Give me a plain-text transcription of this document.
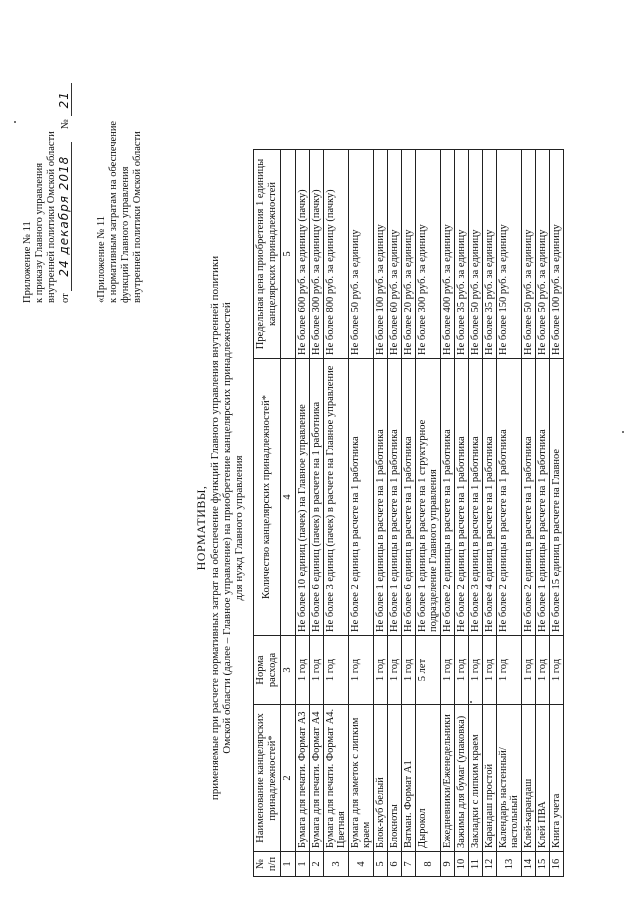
Приложение № 11 к приказу Главного управления внутренней политики Омской области от 24 декабря 2018 № 21
«Приложение № 11 к нормативным затратам на обеспечение функций Главного управления внутренней политики Омской области
НОРМАТИВЫ, применяемые при расчете нормативных затрат на обеспечение функций Главного управления внутренней политики Омской области (далее – Главное управление) на приобретение канцелярских принадлежностей для нужд Главного управления
№ п/п	Наименование канцелярских принадлежностей*	Норма расхода	Количество канцелярских принадлежностей*	Предельная цена приобретения 1 единицы канцелярских принадлежностей
1	2	3	4	5
1	Бумага для печати. Формат А3	1 год	Не более 10 единиц (пачек) на Главное управление	Не более 600 руб. за единицу (пачку)
2	Бумага для печати. Формат А4	1 год	Не более 6 единиц (пачек) в расчете на 1 работника	Не более 300 руб. за единицу (пачку)
3	Бумага для печати. Формат А4. Цветная	1 год	Не более 3 единиц (пачек) в расчете на Главное управление	Не более 800 руб. за единицу (пачку)
4	Бумага для заметок с липким краем	1 год	Не более 2 единиц в расчете на 1 работника	Не более 50 руб. за единицу
5	Блок-куб белый	1 год	Не более 1 единицы в расчете на 1 работника	Не более 100 руб. за единицу
6	Блокноты	1 год	Не более 1 единицы в расчете на 1 работника	Не более 60 руб. за единицу
7	Ватман. Формат А1	1 год	Не более 6 единиц в расчете на 1 работника	Не более 20 руб. за единицу
8	Дырокол	5 лет	Не более 1 единицы в расчете на 1 структурное подразделение Главного управления	Не более 300 руб. за единицу
9	Ежедневники/Еженедельники	1 год	Не более 2 единицы в расчете на 1 работника	Не более 400 руб. за единицу
10	Зажимы для бумаг (упаковка)	1 год	Не более 2 единиц в расчете на 1 работника	Не более 35 руб. за единицу
11	Закладки с липким краем	1 год	Не более 3 единиц в расчете на 1 работника	Не более 50 руб. за единицу
12	Карандаш простой	1 год	Не более 4 единиц в расчете на 1 работника	Не более 35 руб. за единицу
13	Календарь настенный/настольный	1 год	Не более 2 единицы в расчете на 1 работника	Не более 150 руб. за единицу
14	Клей-карандаш	1 год	Не более 2 единиц в расчете на 1 работника	Не более 50 руб. за единицу
15	Клей ПВА	1 год	Не более 1 единицы в расчете на 1 работника	Не более 50 руб. за единицу
16	Книга учета	1 год	Не более 15 единиц в расчете на Главное	Не более 100 руб. за единицу
